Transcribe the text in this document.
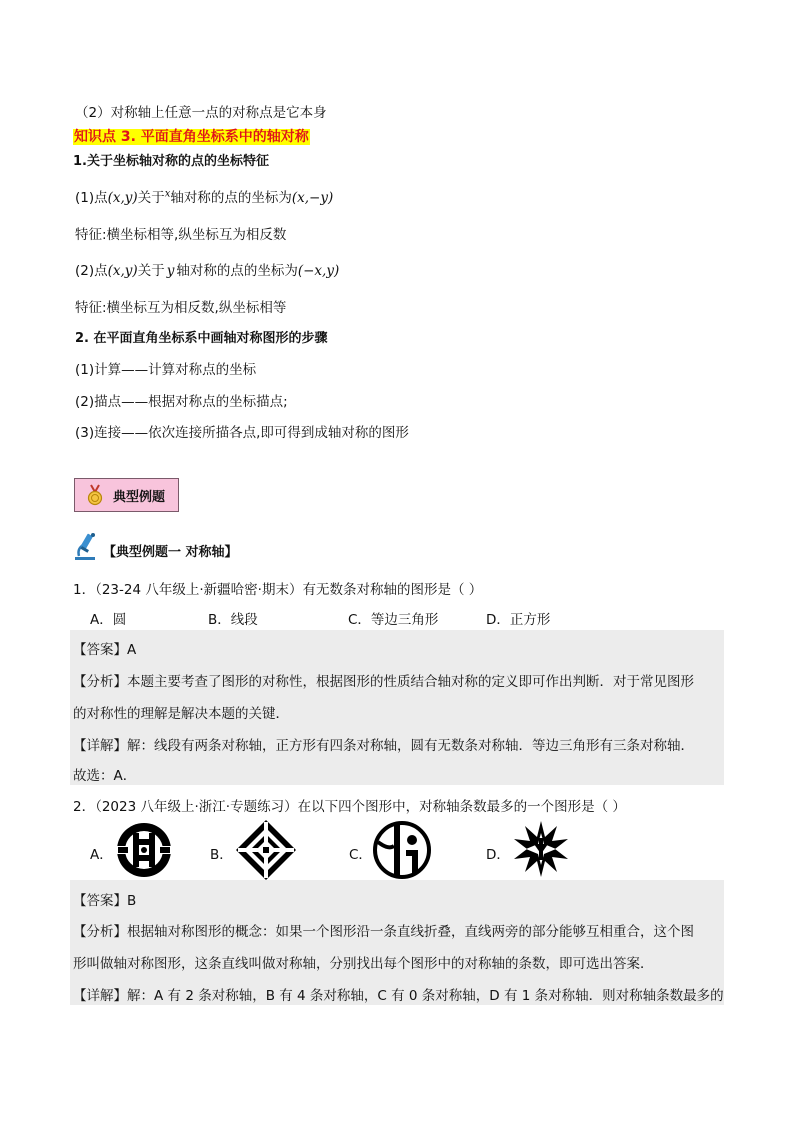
（2）对称轴上任意一点的对称点是它本身
知识点 3. 平面直角坐标系中的轴对称
1.关于坐标轴对称的点的坐标特征
(1)点(x,y)关于$^x$轴对称的点的坐标为(x,−y)
特征:横坐标相等,纵坐标互为相反数
(2)点(x,y)关于 y 轴对称的点的坐标为(−x,y)
特征:横坐标互为相反数,纵坐标相等
2. 在平面直角坐标系中画轴对称图形的步骤
(1)计算——计算对称点的坐标
(2)描点——根据对称点的坐标描点;
(3)连接——依次连接所描各点,即可得到成轴对称的图形
典型例题
【典型例题一 对称轴】
1．（23-24 八年级上·新疆哈密·期末）有无数条对称轴的图形是（ ）
A．圆	B．线段	C．等边三角形	D．正方形
【答案】A
【分析】本题主要考查了图形的对称性，根据图形的性质结合轴对称的定义即可作出判断．对于常见图形
的对称性的理解是解决本题的关键．
【详解】解：线段有两条对称轴，正方形有四条对称轴，圆有无数条对称轴．等边三角形有三条对称轴．
故选：A．
2．（2023 八年级上·浙江·专题练习）在以下四个图形中，对称轴条数最多的一个图形是（ ）
A．	B．	C．	D．
【答案】B
【分析】根据轴对称图形的概念：如果一个图形沿一条直线折叠，直线两旁的部分能够互相重合，这个图
形叫做轴对称图形，这条直线叫做对称轴，分别找出每个图形中的对称轴的条数，即可选出答案．
【详解】解：A 有 2 条对称轴，B 有 4 条对称轴，C 有 0 条对称轴，D 有 1 条对称轴．则对称轴条数最多的
